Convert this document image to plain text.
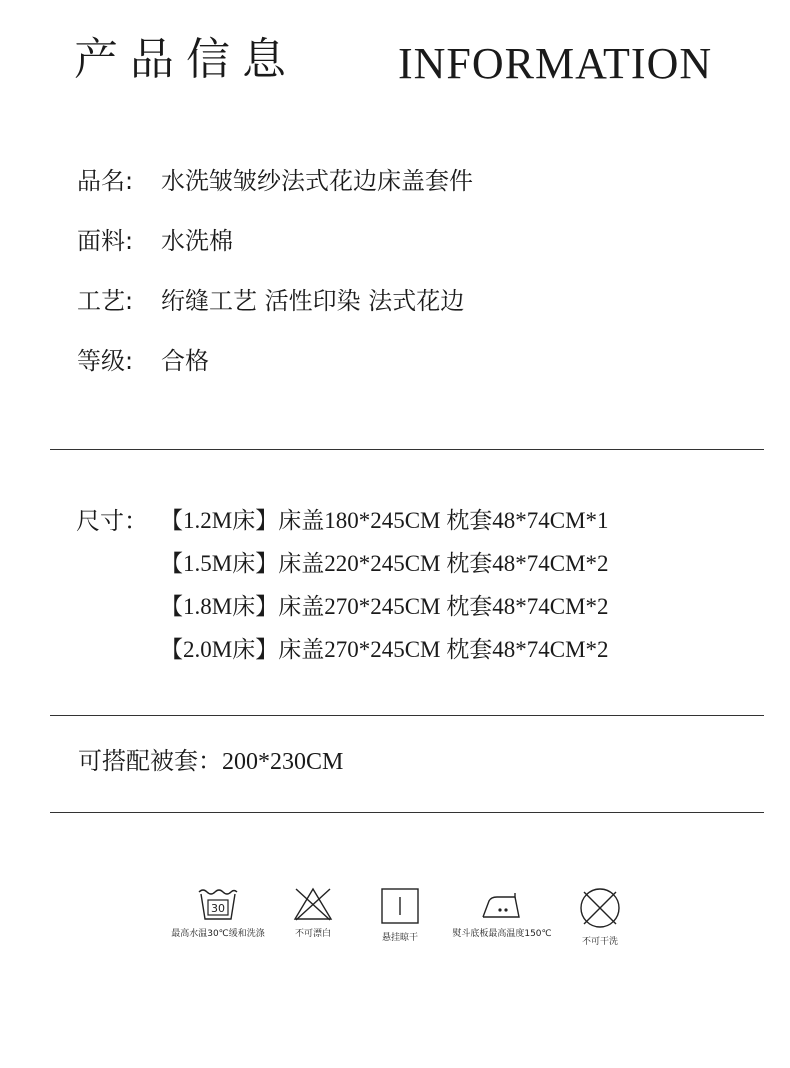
产品信息 INFORMATION
品名: 水洗皱皱纱法式花边床盖套件
面料: 水洗棉
工艺: 绗缝工艺 活性印染 法式花边
等级: 合格
尺寸： 【1.2M床】床盖180*245CM 枕套48*74CM*1
【1.5M床】床盖220*245CM 枕套48*74CM*2
【1.8M床】床盖270*245CM 枕套48*74CM*2
【2.0M床】床盖270*245CM 枕套48*74CM*2
可搭配被套：200*230CM
30
最高水温30℃缓和洗涤	不可漂白	悬挂晾干	熨斗底板最高温度150℃
不可干洗
